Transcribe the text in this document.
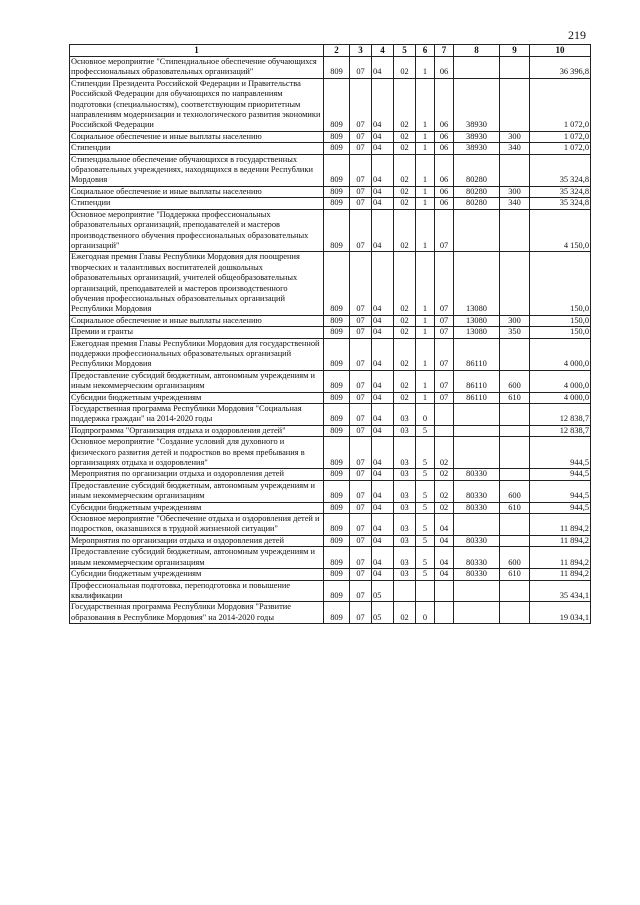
219
1	2	3	4	5	6	7	8	9	10
Основное мероприятие "Стипендиальное обеспечение обучающихся профессиональных образовательных организаций"	809	07	04	02	1	06			36 396,8
Стипендии Президента Российской Федерации и Правительства Российской Федерации для обучающихся по направлениям подготовки (специальностям), соответствующим приоритетным направлениям модернизации и технологического развития экономики Российской Федерации	809	07	04	02	1	06	38930		1 072,0
Социальное обеспечение и иные выплаты населению	809	07	04	02	1	06	38930	300	1 072,0
Стипендии	809	07	04	02	1	06	38930	340	1 072,0
Стипендиальное обеспечение обучающихся в государственных образовательных учреждениях, находящихся в ведении Республики Мордовия	809	07	04	02	1	06	80280		35 324,8
Социальное обеспечение и иные выплаты населению	809	07	04	02	1	06	80280	300	35 324,8
Стипендии	809	07	04	02	1	06	80280	340	35 324,8
Основное мероприятие "Поддержка профессиональных образовательных организаций, преподавателей и мастеров производственного обучения профессиональных образовательных организаций"	809	07	04	02	1	07			4 150,0
Ежегодная премия Главы Республики Мордовия для поощрения творческих и талантливых воспитателей дошкольных образовательных организаций, учителей общеобразовательных организаций, преподавателей и мастеров производственного обучения профессиональных образовательных организаций Республики Мордовия	809	07	04	02	1	07	13080		150,0
Социальное обеспечение и иные выплаты населению	809	07	04	02	1	07	13080	300	150,0
Премии и гранты	809	07	04	02	1	07	13080	350	150,0
Ежегодная премия Главы Республики Мордовия для государственной поддержки профессиональных образовательных организаций Республики Мордовия	809	07	04	02	1	07	86110		4 000,0
Предоставление субсидий бюджетным, автономным учреждениям и иным некоммерческим организациям	809	07	04	02	1	07	86110	600	4 000,0
Субсидии бюджетным учреждениям	809	07	04	02	1	07	86110	610	4 000,0
Государственная программа Республики Мордовия "Социальная поддержка граждан" на 2014-2020 годы	809	07	04	03	0				12 838,7
Подпрограмма "Организация отдыха и оздоровления детей"	809	07	04	03	5				12 838,7
Основное мероприятие "Создание условий для духовного и физического развития детей и подростков во время пребывания в организациях отдыха и оздоровления"	809	07	04	03	5	02			944,5
Мероприятия по организации отдыха и оздоровления детей	809	07	04	03	5	02	80330		944,5
Предоставление субсидий бюджетным, автономным учреждениям и иным некоммерческим организациям	809	07	04	03	5	02	80330	600	944,5
Субсидии бюджетным учреждениям	809	07	04	03	5	02	80330	610	944,5
Основное мероприятие "Обеспечение отдыха и оздоровления детей и подростков, оказавшихся в трудной жизненной ситуации"	809	07	04	03	5	04			11 894,2
Мероприятия по организации отдыха и оздоровления детей	809	07	04	03	5	04	80330		11 894,2
Предоставление субсидий бюджетным, автономным учреждениям и иным некоммерческим организациям	809	07	04	03	5	04	80330	600	11 894,2
Субсидии бюджетным учреждениям	809	07	04	03	5	04	80330	610	11 894,2
Профессиональная подготовка, переподготовка и повышение квалификации	809	07	05						35 434,1
Государственная программа Республики Мордовия "Развитие образования в Республике Мордовия" на 2014-2020 годы	809	07	05	02	0				19 034,1
